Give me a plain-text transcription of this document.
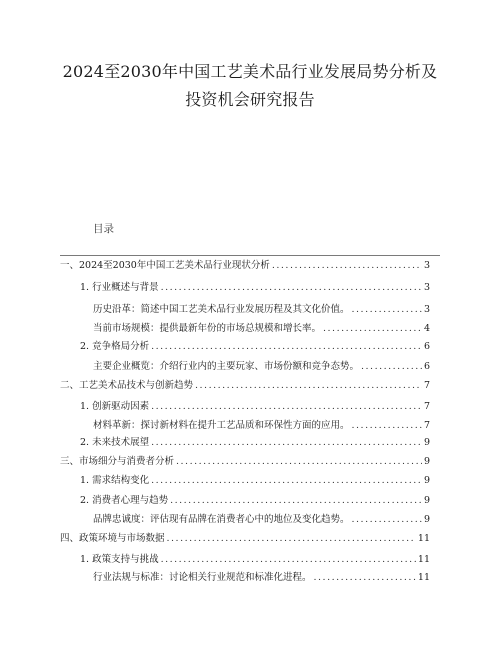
2024至2030年中国工艺美术品行业发展局势分析及
投资机会研究报告
目录
一、2024至2030年中国工艺美术品行业现状分析 .....	3
1. 行业概述与背景 .....	3
历史沿革：简述中国工艺美术品行业发展历程及其文化价值。 .....	3
当前市场规模：提供最新年份的市场总规模和增长率。 .....	4
2. 竞争格局分析 .....	6
主要企业概览：介绍行业内的主要玩家、市场份额和竞争态势。 .....	6
二、工艺美术品技术与创新趋势 .....	7
1. 创新驱动因素 .....	7
材料革新：探讨新材料在提升工艺品质和环保性方面的应用。 .....	7
2. 未来技术展望 .....	9
三、市场细分与消费者分析 .....	9
1. 需求结构变化 .....	9
2. 消费者心理与趋势 .....	9
品牌忠诚度：评估现有品牌在消费者心中的地位及变化趋势。 .....	9
四、政策环境与市场数据 .....	11
1. 政策支持与挑战 .....	11
行业法规与标准：讨论相关行业规范和标准化进程。 .....	11
